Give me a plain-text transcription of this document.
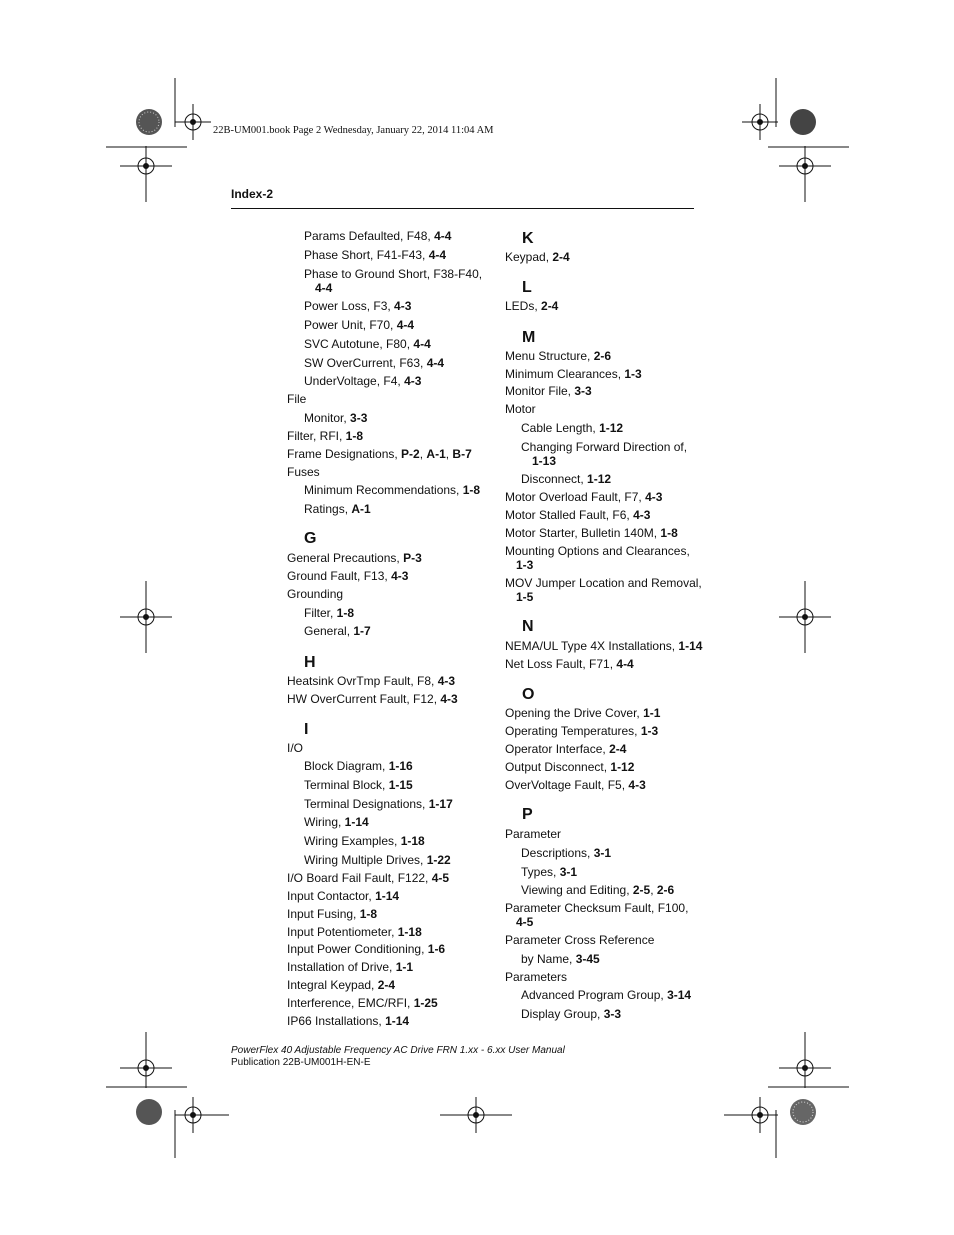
22B-UM001.book Page 2 Wednesday, January 22, 2014 11:04 AM
Index-2
Params Defaulted, F48, 4-4
Phase Short, F41-F43, 4-4
Phase to Ground Short, F38-F40,
4-4
Power Loss, F3, 4-3
Power Unit, F70, 4-4
SVC Autotune, F80, 4-4
SW OverCurrent, F63, 4-4
UnderVoltage, F4, 4-3
File
Monitor, 3-3
Filter, RFI, 1-8
Frame Designations, P-2, A-1, B-7
Fuses
Minimum Recommendations, 1-8
Ratings, A-1
G
General Precautions, P-3
Ground Fault, F13, 4-3
Grounding
Filter, 1-8
General, 1-7
H
Heatsink OvrTmp Fault, F8, 4-3
HW OverCurrent Fault, F12, 4-3
I
I/O
Block Diagram, 1-16
Terminal Block, 1-15
Terminal Designations, 1-17
Wiring, 1-14
Wiring Examples, 1-18
Wiring Multiple Drives, 1-22
I/O Board Fail Fault, F122, 4-5
Input Contactor, 1-14
Input Fusing, 1-8
Input Potentiometer, 1-18
Input Power Conditioning, 1-6
Installation of Drive, 1-1
Integral Keypad, 2-4
Interference, EMC/RFI, 1-25
IP66 Installations, 1-14
K
Keypad, 2-4
L
LEDs, 2-4
M
Menu Structure, 2-6
Minimum Clearances, 1-3
Monitor File, 3-3
Motor
Cable Length, 1-12
Changing Forward Direction of,
1-13
Disconnect, 1-12
Motor Overload Fault, F7, 4-3
Motor Stalled Fault, F6, 4-3
Motor Starter, Bulletin 140M, 1-8
Mounting Options and Clearances,
1-3
MOV Jumper Location and Removal,
1-5
N
NEMA/UL Type 4X Installations, 1-14
Net Loss Fault, F71, 4-4
O
Opening the Drive Cover, 1-1
Operating Temperatures, 1-3
Operator Interface, 2-4
Output Disconnect, 1-12
OverVoltage Fault, F5, 4-3
P
Parameter
Descriptions, 3-1
Types, 3-1
Viewing and Editing, 2-5, 2-6
Parameter Checksum Fault, F100,
4-5
Parameter Cross Reference
by Name, 3-45
Parameters
Advanced Program Group, 3-14
Display Group, 3-3
PowerFlex 40 Adjustable Frequency AC Drive FRN 1.xx - 6.xx User Manual
Publication 22B-UM001H-EN-E
